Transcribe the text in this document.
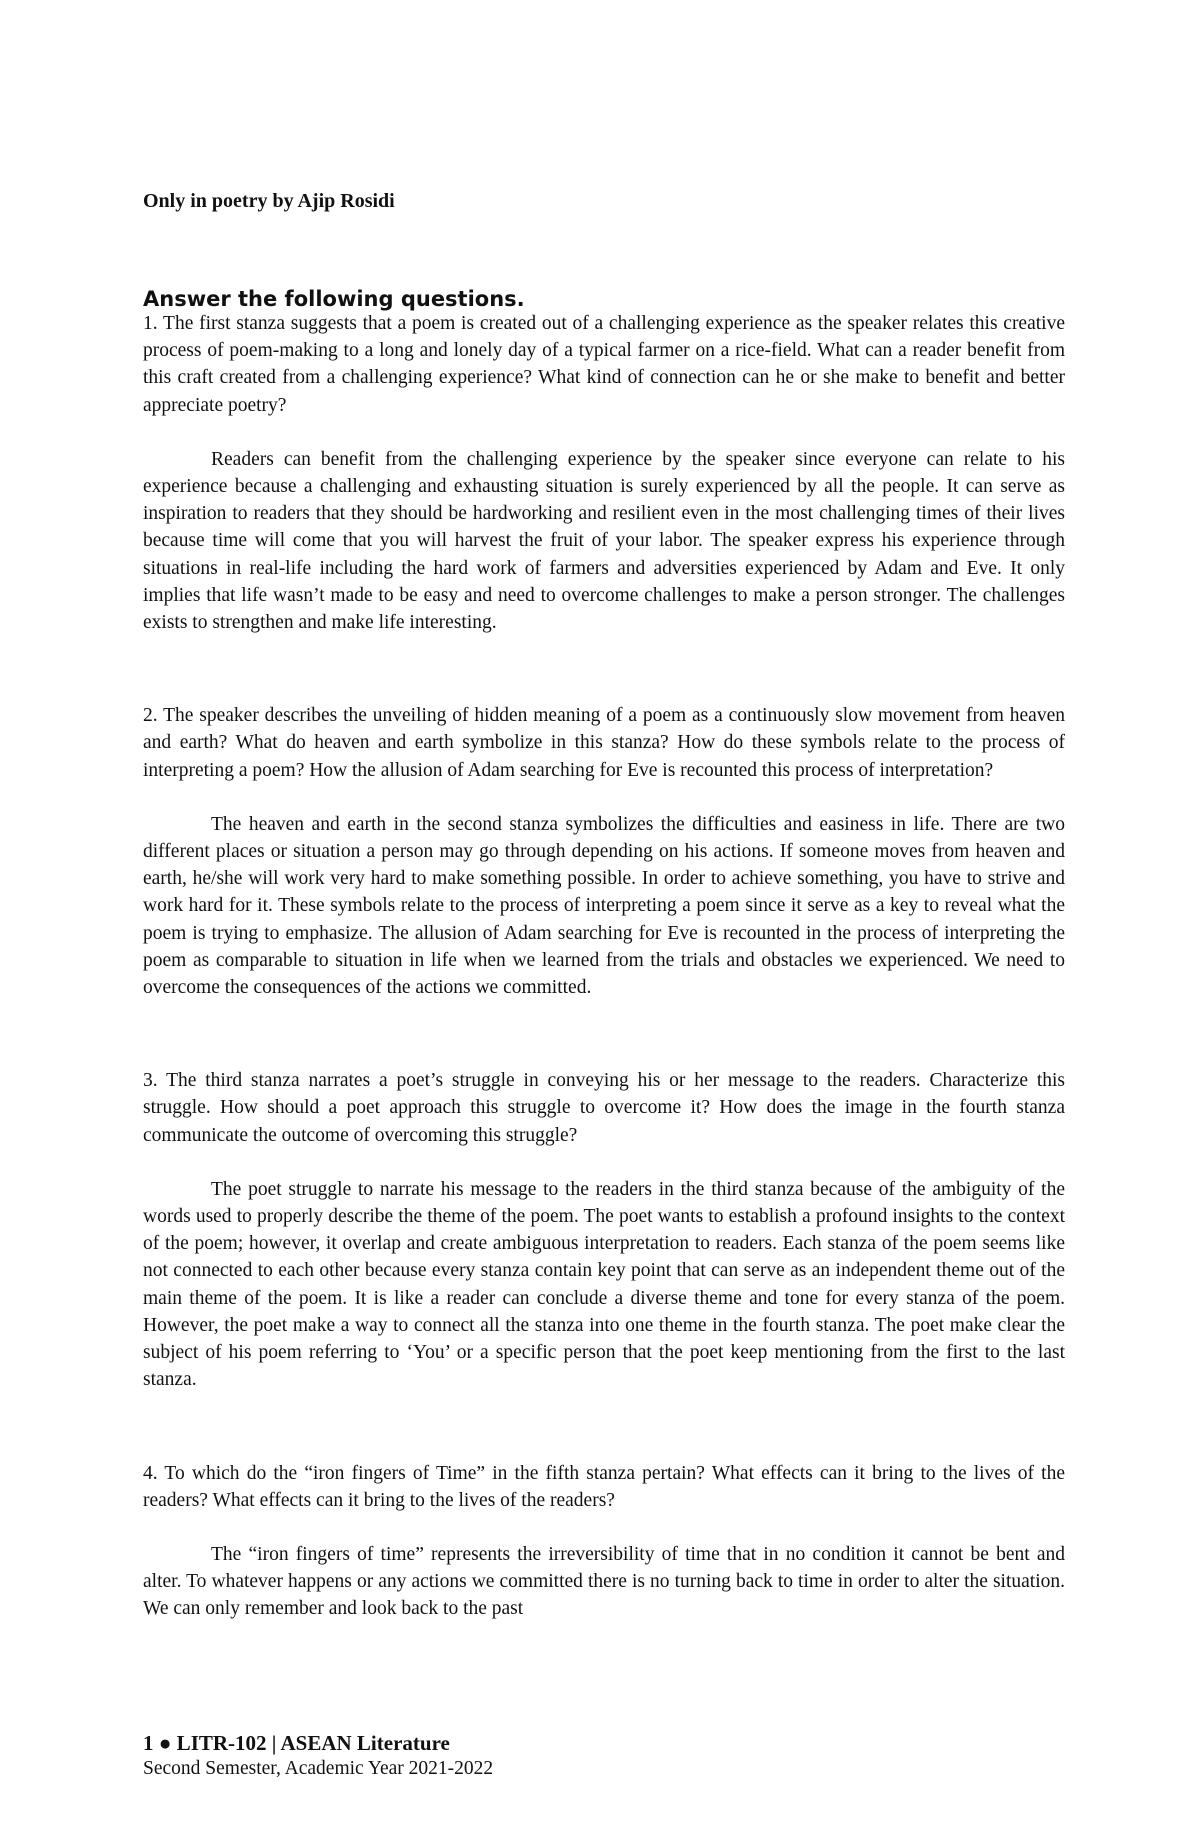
Only in poetry by Ajip Rosidi

Answer the following questions.

1. The first stanza suggests that a poem is created out of a challenging experience as the speaker relates this creative process of poem-making to a long and lonely day of a typical farmer on a rice-field. What can a reader benefit from this craft created from a challenging experience? What kind of connection can he or she make to benefit and better appreciate poetry?

Readers can benefit from the challenging experience by the speaker since everyone can relate to his experience because a challenging and exhausting situation is surely experienced by all the people. It can serve as inspiration to readers that they should be hardworking and resilient even in the most challenging times of their lives because time will come that you will harvest the fruit of your labor. The speaker express his experience through situations in real-life including the hard work of farmers and adversities experienced by Adam and Eve. It only implies that life wasn’t made to be easy and need to overcome challenges to make a person stronger. The challenges exists to strengthen and make life interesting.

2. The speaker describes the unveiling of hidden meaning of a poem as a continuously slow movement from heaven and earth? What do heaven and earth symbolize in this stanza? How do these symbols relate to the process of interpreting a poem? How the allusion of Adam searching for Eve is recounted this process of interpretation?

The heaven and earth in the second stanza symbolizes the difficulties and easiness in life. There are two different places or situation a person may go through depending on his actions. If someone moves from heaven and earth, he/she will work very hard to make something possible. In order to achieve something, you have to strive and work hard for it. These symbols relate to the process of interpreting a poem since it serve as a key to reveal what the poem is trying to emphasize. The allusion of Adam searching for Eve is recounted in the process of interpreting the poem as comparable to situation in life when we learned from the trials and obstacles we experienced. We need to overcome the consequences of the actions we committed.

3. The third stanza narrates a poet’s struggle in conveying his or her message to the readers. Characterize this struggle. How should a poet approach this struggle to overcome it? How does the image in the fourth stanza communicate the outcome of overcoming this struggle?

The poet struggle to narrate his message to the readers in the third stanza because of the ambiguity of the words used to properly describe the theme of the poem. The poet wants to establish a profound insights to the context of the poem; however, it overlap and create ambiguous interpretation to readers. Each stanza of the poem seems like not connected to each other because every stanza contain key point that can serve as an independent theme out of the main theme of the poem. It is like a reader can conclude a diverse theme and tone for every stanza of the poem. However, the poet make a way to connect all the stanza into one theme in the fourth stanza. The poet make clear the subject of his poem referring to ‘You’ or a specific person that the poet keep mentioning from the first to the last stanza.

4. To which do the “iron fingers of Time” in the fifth stanza pertain? What effects can it bring to the lives of the readers? What effects can it bring to the lives of the readers?

The “iron fingers of time” represents the irreversibility of time that in no condition it cannot be bent and alter. To whatever happens or any actions we committed there is no turning back to time in order to alter the situation. We can only remember and look back to the past

1 ● LITR-102 | ASEAN Literature
Second Semester, Academic Year 2021-2022
